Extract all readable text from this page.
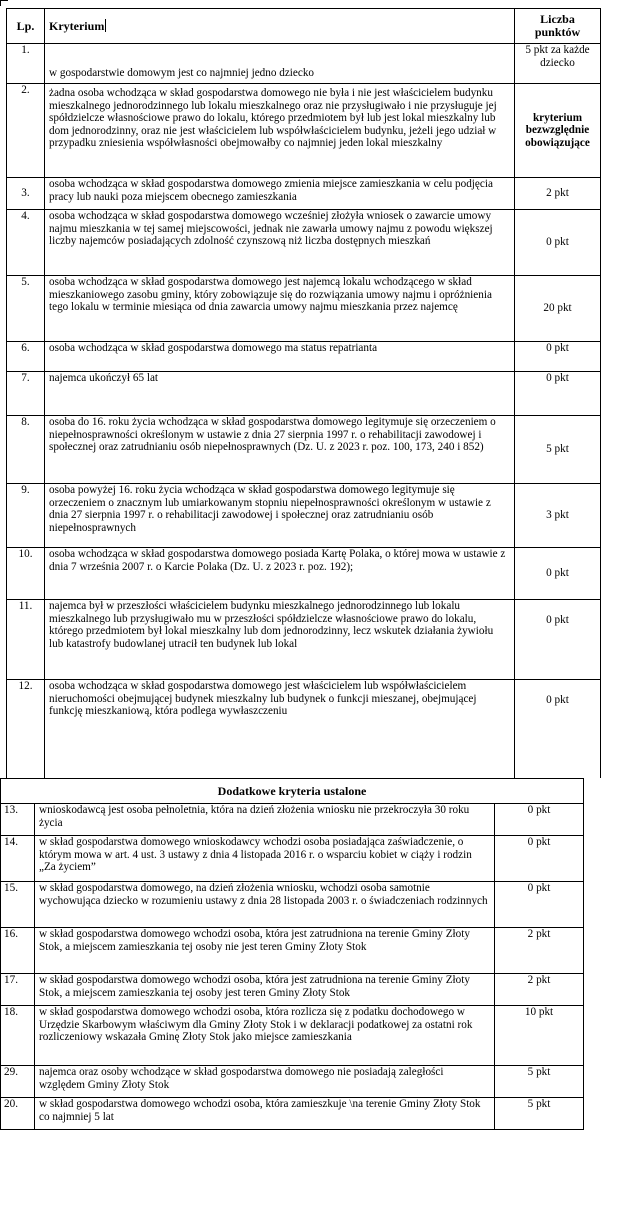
Lp.	Kryterium	Liczba punktów
1.	w gospodarstwie domowym jest co najmniej jedno dziecko	5 pkt za każde dziecko
2.	żadna osoba wchodząca w skład gospodarstwa domowego nie była i nie jest właścicielem budynku mieszkalnego jednorodzinnego lub lokalu mieszkalnego oraz nie przysługiwało i nie przysługuje jej spółdzielcze własnościowe prawo do lokalu, którego przedmiotem był lub jest lokal mieszkalny lub dom jednorodzinny, oraz nie jest właścicielem lub współwłaścicielem budynku, jeżeli jego udział w przypadku zniesienia współwłasności obejmowałby co najmniej jeden lokal mieszkalny	kryterium bezwzględnie obowiązujące
3.	osoba wchodząca w skład gospodarstwa domowego zmienia miejsce zamieszkania w celu podjęcia pracy lub nauki poza miejscem obecnego zamieszkania	2 pkt
4.	osoba wchodząca w skład gospodarstwa domowego wcześniej złożyła wniosek o zawarcie umowy najmu mieszkania w tej samej miejscowości, jednak nie zawarła umowy najmu z powodu większej liczby najemców posiadających zdolność czynszową niż liczba dostępnych mieszkań	0 pkt
5.	osoba wchodząca w skład gospodarstwa domowego jest najemcą lokalu wchodzącego w skład mieszkaniowego zasobu gminy, który zobowiązuje się do rozwiązania umowy najmu i opróżnienia tego lokalu w terminie miesiąca od dnia zawarcia umowy najmu mieszkania przez najemcę	20 pkt
6.	osoba wchodząca w skład gospodarstwa domowego ma status repatrianta	0 pkt
7.	najemca ukończył 65 lat	0 pkt
8.	osoba do 16. roku życia wchodząca w skład gospodarstwa domowego legitymuje się orzeczeniem o niepełnosprawności określonym w ustawie z dnia 27 sierpnia 1997 r. o rehabilitacji zawodowej i społecznej oraz zatrudnianiu osób niepełnosprawnych (Dz. U. z 2023 r. poz. 100, 173, 240 i 852)	5 pkt
9.	osoba powyżej 16. roku życia wchodząca w skład gospodarstwa domowego legitymuje się orzeczeniem o znacznym lub umiarkowanym stopniu niepełnosprawności określonym w ustawie z dnia 27 sierpnia 1997 r. o rehabilitacji zawodowej i społecznej oraz zatrudnianiu osób niepełnosprawnych	3 pkt
10.	osoba wchodząca w skład gospodarstwa domowego posiada Kartę Polaka, o której mowa w ustawie z dnia 7 września 2007 r. o Karcie Polaka (Dz. U. z 2023 r. poz. 192);	0 pkt
11.	najemca był w przeszłości właścicielem budynku mieszkalnego jednorodzinnego lub lokalu mieszkalnego lub przysługiwało mu w przeszłości spółdzielcze własnościowe prawo do lokalu, którego przedmiotem był lokal mieszkalny lub dom jednorodzinny, lecz wskutek działania żywiołu lub katastrofy budowlanej utracił ten budynek lub lokal	0 pkt
12.	osoba wchodząca w skład gospodarstwa domowego jest właścicielem lub współwłaścicielem nieruchomości obejmującej budynek mieszkalny lub budynek o funkcji mieszanej, obejmującej funkcję mieszkaniową, która podlega wywłaszczeniu	0 pkt
Dodatkowe kryteria ustalone		
13.	wnioskodawcą jest osoba pełnoletnia, która na dzień złożenia wniosku nie przekroczyła 30 roku życia	0 pkt
14.	w skład gospodarstwa domowego wnioskodawcy wchodzi osoba posiadająca zaświadczenie, o którym mowa w art. 4 ust. 3 ustawy z dnia 4 listopada 2016 r. o wsparciu kobiet w ciąży i rodzin „Za życiem”	0 pkt
15.	w skład gospodarstwa domowego, na dzień złożenia wniosku, wchodzi osoba samotnie wychowująca dziecko w rozumieniu ustawy z dnia 28 listopada 2003 r. o świadczeniach rodzinnych	0 pkt
16.	w skład gospodarstwa domowego wchodzi osoba, która jest zatrudniona na terenie Gminy Złoty Stok, a miejscem zamieszkania tej osoby nie jest teren Gminy Złoty Stok	2 pkt
17.	w skład gospodarstwa domowego wchodzi osoba, która jest zatrudniona na terenie Gminy Złoty Stok, a miejscem zamieszkania tej osoby jest teren Gminy Złoty Stok	2 pkt
18.	w skład gospodarstwa domowego wchodzi osoba, która rozlicza się z podatku dochodowego w Urzędzie Skarbowym właściwym dla Gminy Złoty Stok i w deklaracji podatkowej za ostatni rok rozliczeniowy wskazała Gminę Złoty Stok jako miejsce zamieszkania	10 pkt
29.	najemca oraz osoby wchodzące w skład gospodarstwa domowego nie posiadają zaległości względem Gminy Złoty Stok	5 pkt
20.	w skład gospodarstwa domowego wchodzi osoba, która zamieszkuje \na terenie Gminy Złoty Stok co najmniej 5 lat	5 pkt
